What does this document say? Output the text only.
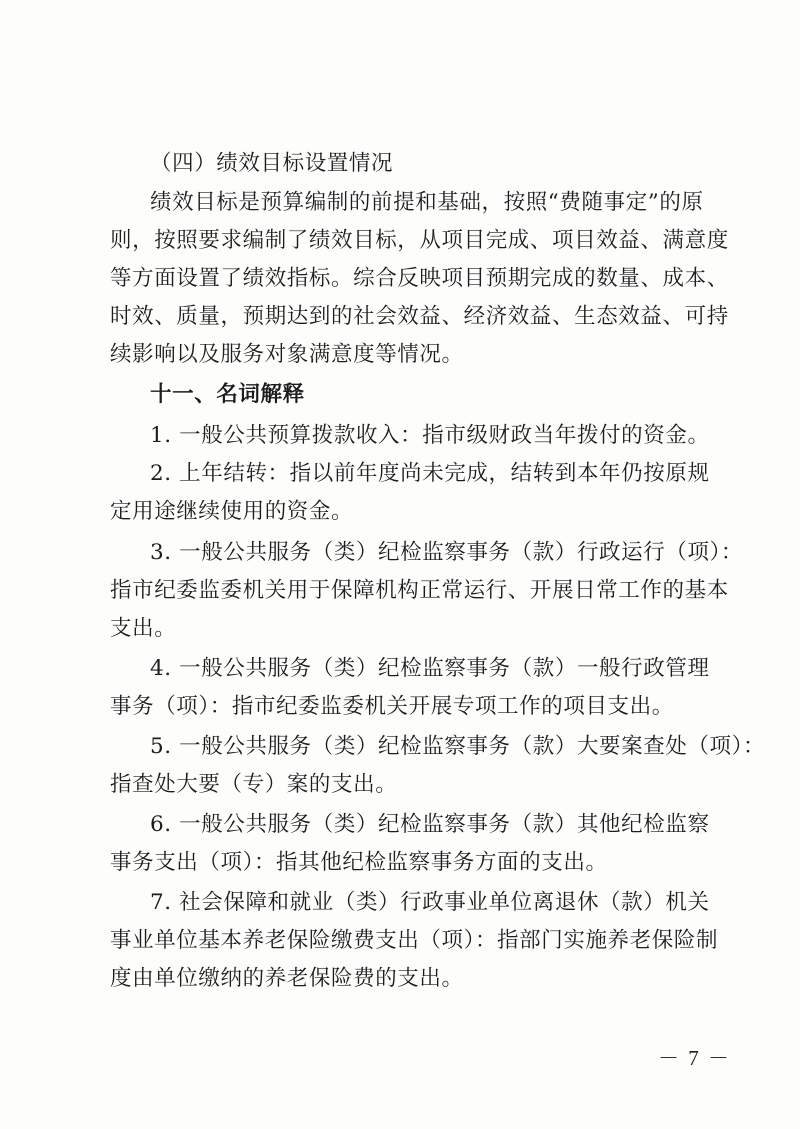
（四）绩效目标设置情况
绩效目标是预算编制的前提和基础，按照“费随事定”的原
则，按照要求编制了绩效目标，从项目完成、项目效益、满意度
等方面设置了绩效指标。综合反映项目预期完成的数量、成本、
时效、质量，预期达到的社会效益、经济效益、生态效益、可持
续影响以及服务对象满意度等情况。
十一、名词解释
1. 一般公共预算拨款收入：指市级财政当年拨付的资金。
2. 上年结转：指以前年度尚未完成，结转到本年仍按原规
定用途继续使用的资金。
3. 一般公共服务（类）纪检监察事务（款）行政运行（项）：
指市纪委监委机关用于保障机构正常运行、开展日常工作的基本
支出。
4. 一般公共服务（类）纪检监察事务（款）一般行政管理
事务（项）：指市纪委监委机关开展专项工作的项目支出。
5. 一般公共服务（类）纪检监察事务（款）大要案查处（项）：
指查处大要（专）案的支出。
6. 一般公共服务（类）纪检监察事务（款）其他纪检监察
事务支出（项）：指其他纪检监察事务方面的支出。
7. 社会保障和就业（类）行政事业单位离退休（款）机关
事业单位基本养老保险缴费支出（项）：指部门实施养老保险制
度由单位缴纳的养老保险费的支出。
－ 7 －
